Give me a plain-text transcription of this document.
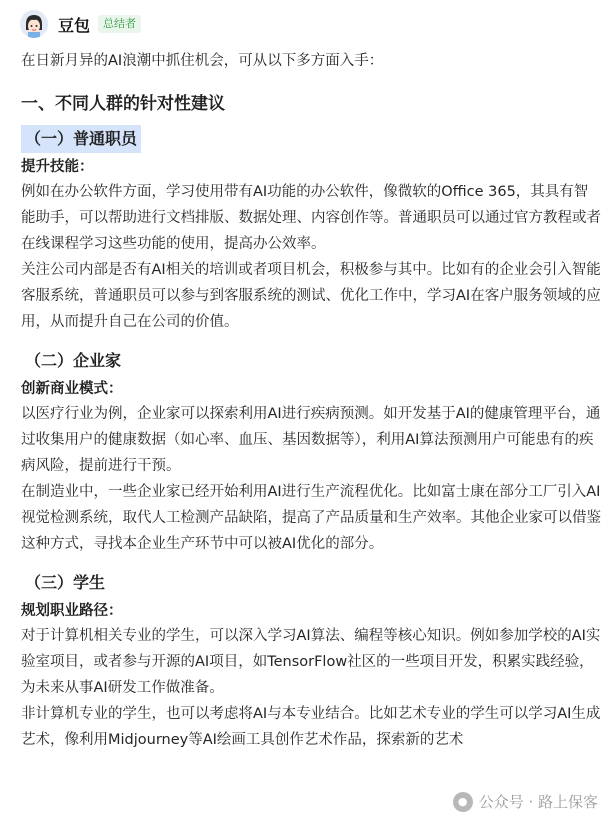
豆包	总结者

在日新月异的AI浪潮中抓住机会，可从以下多方面入手：

一、不同人群的针对性建议
（一）普通职员

提升技能：

例如在办公软件方面，学习使用带有AI功能的办公软件，像微软的Office 365，其具有智能助手，可以帮助进行文档排版、数据处理、内容创作等。普通职员可以通过官方教程或者在线课程学习这些功能的使用，提高办公效率。

关注公司内部是否有AI相关的培训或者项目机会，积极参与其中。比如有的企业会引入智能客服系统，普通职员可以参与到客服系统的测试、优化工作中，学习AI在客户服务领域的应用，从而提升自己在公司的价值。

（二）企业家

创新商业模式：

以医疗行业为例，企业家可以探索利用AI进行疾病预测。如开发基于AI的健康管理平台，通过收集用户的健康数据（如心率、血压、基因数据等），利用AI算法预测用户可能患有的疾病风险，提前进行干预。

在制造业中，一些企业家已经开始利用AI进行生产流程优化。比如富士康在部分工厂引入AI视觉检测系统，取代人工检测产品缺陷，提高了产品质量和生产效率。其他企业家可以借鉴这种方式，寻找本企业生产环节中可以被AI优化的部分。

（三）学生

规划职业路径：

对于计算机相关专业的学生，可以深入学习AI算法、编程等核心知识。例如参加学校的AI实验室项目，或者参与开源的AI项目，如TensorFlow社区的一些项目开发，积累实践经验，为未来从事AI研发工作做准备。

非计算机专业的学生，也可以考虑将AI与本专业结合。比如艺术专业的学生可以学习AI生成艺术，像利用Midjourney等AI绘画工具创作艺术作品，探索新的艺术

● 公众号 · 路上保客
